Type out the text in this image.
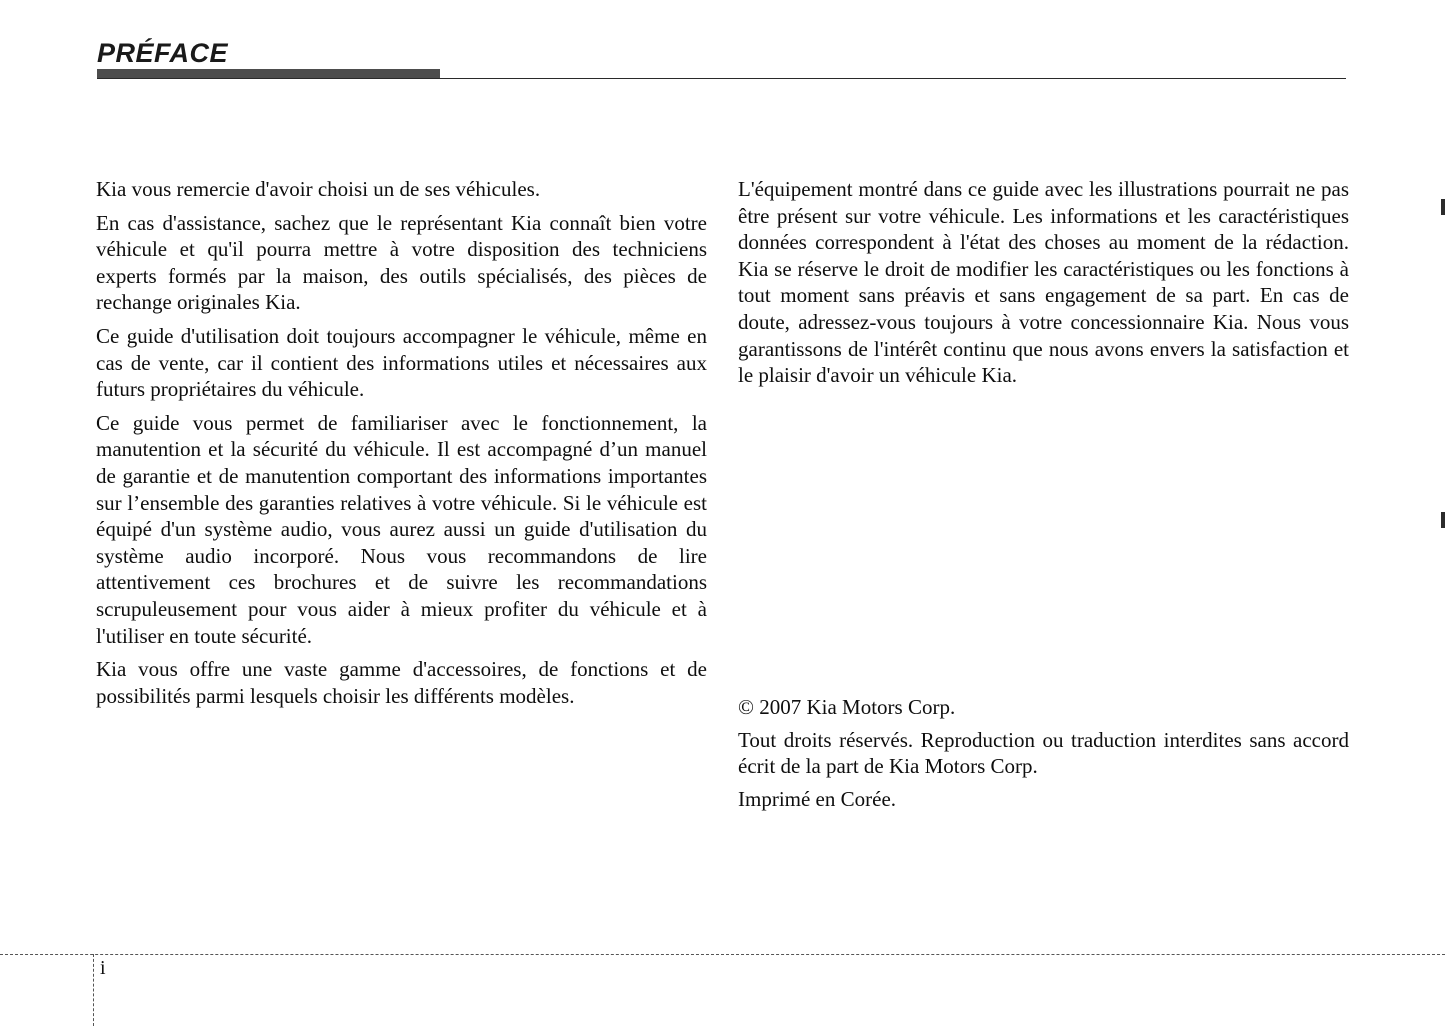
PRÉFACE

Kia vous remercie d'avoir choisi un de ses véhicules.

En cas d'assistance, sachez que le représentant Kia connaît bien votre véhicule et qu'il pourra mettre à votre disposition des techniciens experts formés par la maison, des outils spécialisés, des pièces de rechange originales Kia.

Ce guide d'utilisation doit toujours accompagner le véhicule, même en cas de vente, car il contient des informations utiles et nécessaires aux futurs propriétaires du véhicule.

Ce guide vous permet de familiariser avec le fonctionnement, la manutention et la sécurité du véhicule. Il est accompagné d’un manuel de garantie et de manutention comportant des informations importantes sur l’ensemble des garanties relatives à votre véhicule. Si le véhicule est équipé d'un système audio, vous aurez aussi un guide d'utilisation du système audio incorporé. Nous vous recommandons de lire attentivement ces brochures et de suivre les recommandations scrupuleusement pour vous aider à mieux profiter du véhicule et à l'utiliser en toute sécurité.

Kia vous offre une vaste gamme d'accessoires, de fonctions et de possibilités parmi lesquels choisir les différents modèles.

L'équipement montré dans ce guide avec les illustrations pourrait ne pas être présent sur votre véhicule. Les informations et les caractéristiques données correspondent à l'état des choses au moment de la rédaction. Kia se réserve le droit de modifier les caractéristiques ou les fonctions à tout moment sans préavis et sans engagement de sa part. En cas de doute, adressez-vous toujours à votre concessionnaire Kia. Nous vous garantissons de l'intérêt continu que nous avons envers la satisfaction et le plaisir d'avoir un véhicule Kia.

© 2007 Kia Motors Corp.

Tout droits réservés. Reproduction ou traduction interdites sans accord écrit de la part de Kia Motors Corp.

Imprimé en Corée.

i
